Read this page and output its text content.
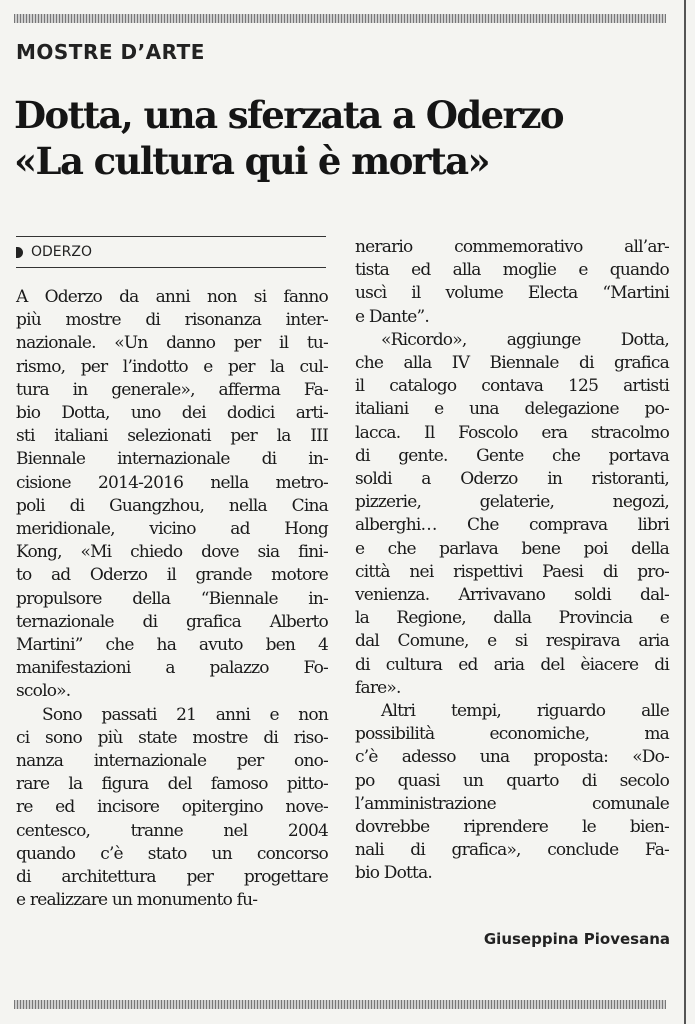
MOSTRE D’ARTE
Dotta, una sferzata a Oderzo
«La cultura qui è morta»
ODERZO

A Oderzo da anni non si fanno
più mostre di risonanza inter-
nazionale. «Un danno per il tu-
rismo, per l’indotto e per la cul-
tura in generale», afferma Fa-
bio Dotta, uno dei dodici arti-
sti italiani selezionati per la III
Biennale internazionale di in-
cisione 2014-2016 nella metro-
poli di Guangzhou, nella Cina
meridionale, vicino ad Hong
Kong, «Mi chiedo dove sia fini-
to ad Oderzo il grande motore
propulsore della “Biennale in-
ternazionale di grafica Alberto
Martini” che ha avuto ben 4
manifestazioni a palazzo Fo-
scolo».

Sono passati 21 anni e non
ci sono più state mostre di riso-
nanza internazionale per ono-
rare la figura del famoso pitto-
re ed incisore opitergino nove-
centesco, tranne nel 2004
quando c’è stato un concorso
di architettura per progettare
e realizzare un monumento fu-

nerario commemorativo all’ar-
tista ed alla moglie e quando
uscì il volume Electa “Martini
e Dante”.

«Ricordo», aggiunge Dotta,
che alla IV Biennale di grafica
il catalogo contava 125 artisti
italiani e una delegazione po-
lacca. Il Foscolo era stracolmo
di gente. Gente che portava
soldi a Oderzo in ristoranti,
pizzerie, gelaterie, negozi,
alberghi… Che comprava libri
e che parlava bene poi della
città nei rispettivi Paesi di pro-
venienza. Arrivavano soldi dal-
la Regione, dalla Provincia e
dal Comune, e si respirava aria
di cultura ed aria del èiacere di
fare».

Altri tempi, riguardo alle
possibilità economiche, ma
c’è adesso una proposta: «Do-
po quasi un quarto di secolo
l’amministrazione comunale
dovrebbe riprendere le bien-
nali di grafica», conclude Fa-
bio Dotta.

Giuseppina Piovesana
